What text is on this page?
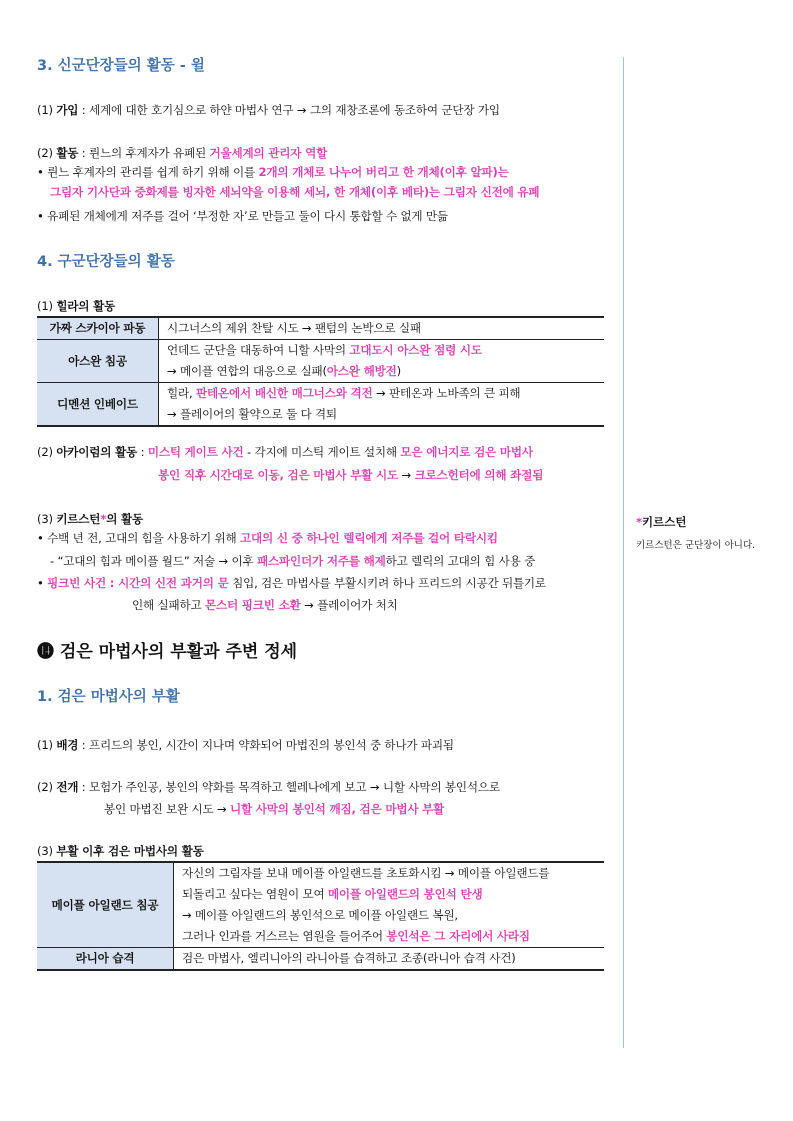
3. 신군단장들의 활동 - 윌
(1) 가입 : 세계에 대한 호기심으로 하얀 마법사 연구 → 그의 재창조론에 동조하여 군단장 가입
(2) 활동 : 륀느의 후계자가 유폐된 거울세계의 관리자 역할
• 륀느 후계자의 관리를 쉽게 하기 위해 이를 2개의 개체로 나누어 버리고 한 개체(이후 알파)는
그림자 기사단과 중화제를 빙자한 세뇌약을 이용해 세뇌, 한 개체(이후 베타)는 그림자 신전에 유폐
• 유폐된 개체에게 저주를 걸어 ‘부정한 자’로 만들고 둘이 다시 통합할 수 없게 만듦
4. 구군단장들의 활동
(1) 힐라의 활동
가짜 스카이아 파동	시그너스의 제위 찬탈 시도 → 팬텀의 논박으로 실패

아스완 침공	언데드 군단을 대동하여 니할 사막의 고대도시 아스완 점령 시도
→ 메이플 연합의 대응으로 실패(아스완 해방전)

디멘션 인베이드	힐라, 판테온에서 배신한 매그너스와 격전 → 판테온과 노바족의 큰 피해
→ 플레이어의 활약으로 둘 다 격퇴
(2) 아카이럼의 활동 : 미스틱 게이트 사건 - 각지에 미스틱 게이트 설치해 모은 에너지로 검은 마법사
봉인 직후 시간대로 이동, 검은 마법사 부활 시도 → 크로스헌터에 의해 좌절됨
(3) 키르스턴*의 활동
• 수백 년 전, 고대의 힘을 사용하기 위해 고대의 신 중 하나인 렐릭에게 저주를 걸어 타락시킴
- “고대의 힘과 메이플 월드” 저술 → 이후 패스파인더가 저주를 해제하고 렐릭의 고대의 힘 사용 중
• 핑크빈 사건 : 시간의 신전 과거의 문 침입, 검은 마법사를 부활시키려 하나 프리드의 시공간 뒤틀기로
인해 실패하고 몬스터 핑크빈 소환 → 플레이어가 처치
*키르스턴
키르스턴은 군단장이 아니다.
⓮ 검은 마법사의 부활과 주변 정세
1. 검은 마법사의 부활
(1) 배경 : 프리드의 봉인, 시간이 지나며 약화되어 마법진의 봉인석 중 하나가 파괴됨
(2) 전개 : 모험가 주인공, 봉인의 약화를 목격하고 헬레나에게 보고 → 니할 사막의 봉인석으로
봉인 마법진 보완 시도 → 니할 사막의 봉인석 깨짐, 검은 마법사 부활
(3) 부활 이후 검은 마법사의 활동
메이플 아일랜드 침공	자신의 그림자를 보내 메이플 아일랜드를 초토화시킴 → 메이플 아일랜드를
되돌리고 싶다는 염원이 모여 메이플 아일랜드의 봉인석 탄생
→ 메이플 아일랜드의 봉인석으로 메이플 아일랜드 복원,
그러나 인과를 거스르는 염원을 들어주어 봉인석은 그 자리에서 사라짐

라니아 습격	검은 마법사, 엘리니아의 라니아를 습격하고 조종(라니아 습격 사건)
